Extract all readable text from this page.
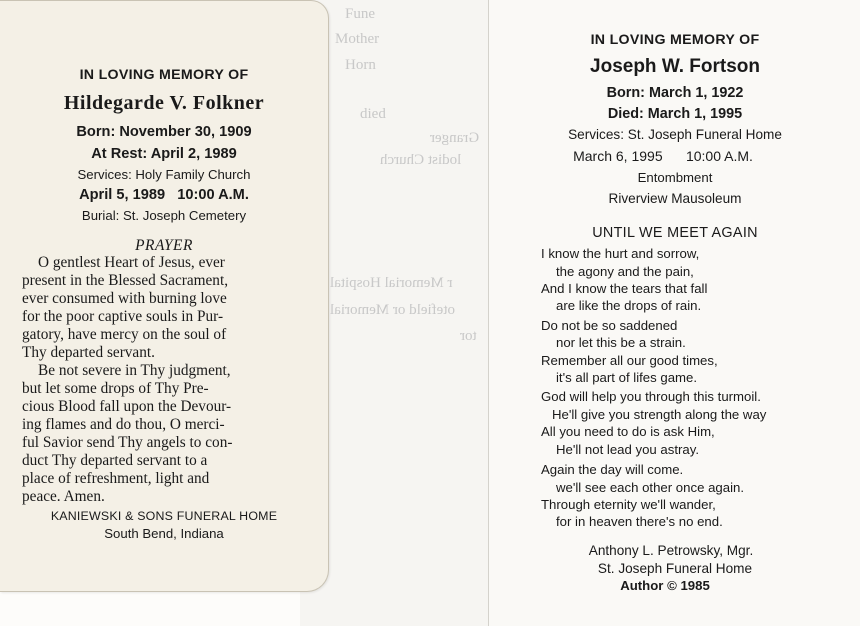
Fune
Mother
Horn
died
Granger
lodist Church
r Memorial Hospital
otefield or Memorial
tor
IN LOVING MEMORY OF
Hildegarde V. Folkner
Born: November 30, 1909
At Rest: April 2, 1989
Services: Holy Family Church
April 5, 1989 10:00 A.M.
Burial: St. Joseph Cemetery
PRAYER
O gentlest Heart of Jesus, ever
present in the Blessed Sacrament,
ever consumed with burning love
for the poor captive souls in Pur-
gatory, have mercy on the soul of
Thy departed servant.
Be not severe in Thy judgment,
but let some drops of Thy Pre-
cious Blood fall upon the Devour-
ing flames and do thou, O merci-
ful Savior send Thy angels to con-
duct Thy departed servant to a
place of refreshment, light and
peace. Amen.
KANIEWSKI & SONS FUNERAL HOME
South Bend, Indiana
IN LOVING MEMORY OF
Joseph W. Fortson
Born: March 1, 1922
Died: March 1, 1995
Services: St. Joseph Funeral Home
March 6, 1995 10:00 A.M.
Entombment
Riverview Mausoleum
UNTIL WE MEET AGAIN
I know the hurt and sorrow,
the agony and the pain,
And I know the tears that fall
are like the drops of rain.
Do not be so saddened
nor let this be a strain.
Remember all our good times,
it's all part of lifes game.
God will help you through this turmoil.
He'll give you strength along the way
All you need to do is ask Him,
He'll not lead you astray.
Again the day will come.
we'll see each other once again.
Through eternity we'll wander,
for in heaven there's no end.
Anthony L. Petrowsky, Mgr.
St. Joseph Funeral Home
Author © 1985
